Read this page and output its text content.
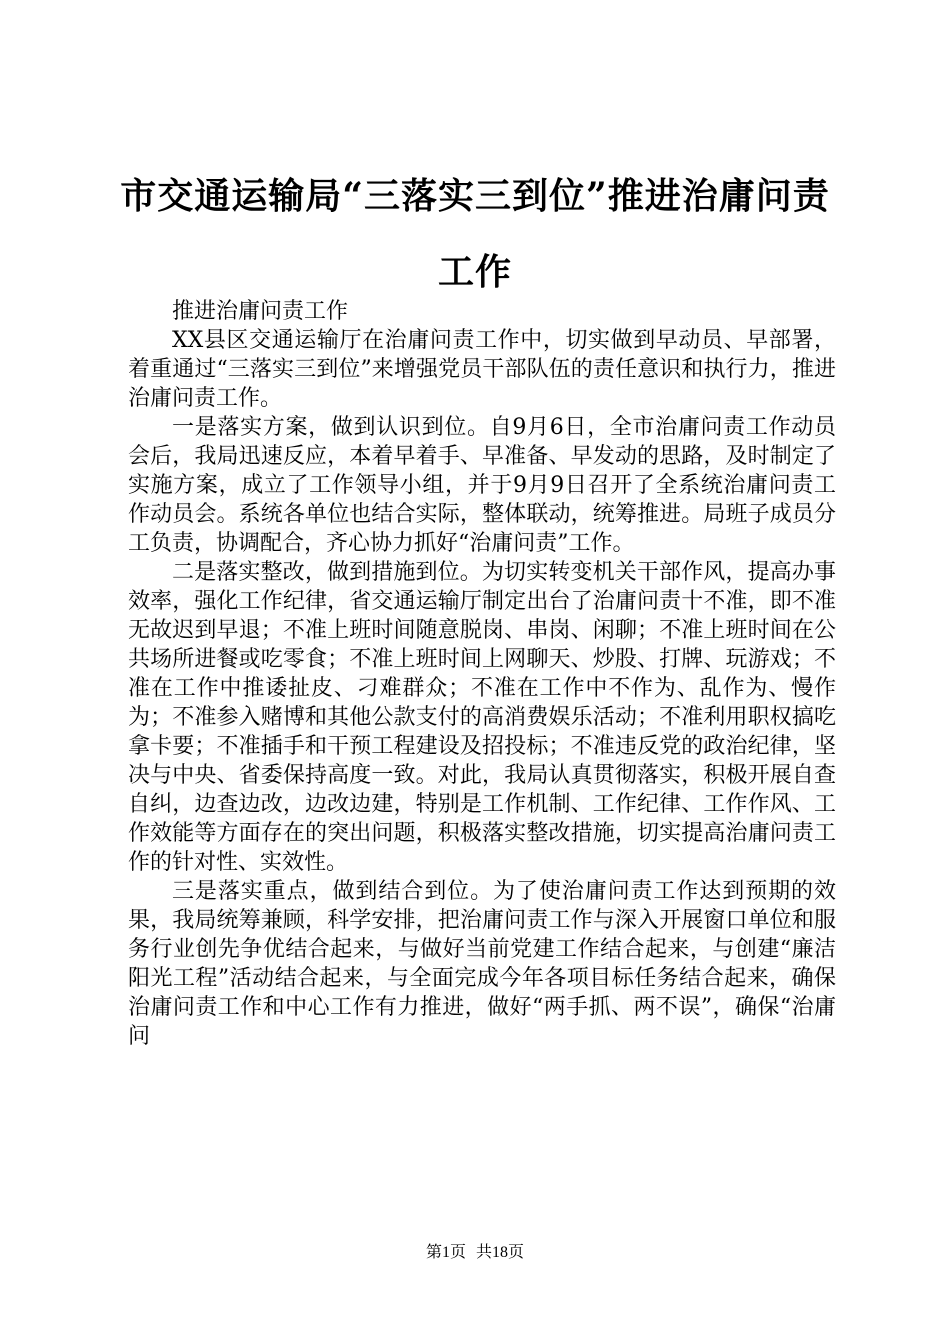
市交通运输局“三落实三到位”推进治庸问责
工作

推进治庸问责工作

XX县区交通运输厅在治庸问责工作中，切实做到早动员、早部署，着重通过“三落实三到位”来增强党员干部队伍的责任意识和执行力，推进治庸问责工作。

一是落实方案，做到认识到位。自9月6日，全市治庸问责工作动员会后，我局迅速反应，本着早着手、早准备、早发动的思路，及时制定了实施方案，成立了工作领导小组，并于9月9日召开了全系统治庸问责工作动员会。系统各单位也结合实际，整体联动，统筹推进。局班子成员分工负责，协调配合，齐心协力抓好“治庸问责”工作。

二是落实整改，做到措施到位。为切实转变机关干部作风，提高办事效率，强化工作纪律，省交通运输厅制定出台了治庸问责十不准，即不准无故迟到早退；不准上班时间随意脱岗、串岗、闲聊；不准上班时间在公共场所进餐或吃零食；不准上班时间上网聊天、炒股、打牌、玩游戏；不准在工作中推诿扯皮、刁难群众；不准在工作中不作为、乱作为、慢作为；不准参入赌博和其他公款支付的高消费娱乐活动；不准利用职权搞吃拿卡要；不准插手和干预工程建设及招投标；不准违反党的政治纪律，坚决与中央、省委保持高度一致。对此，我局认真贯彻落实，积极开展自查自纠，边查边改，边改边建，特别是工作机制、工作纪律、工作作风、工作效能等方面存在的突出问题，积极落实整改措施，切实提高治庸问责工作的针对性、实效性。

三是落实重点，做到结合到位。为了使治庸问责工作达到预期的效果，我局统筹兼顾，科学安排，把治庸问责工作与深入开展窗口单位和服务行业创先争优结合起来，与做好当前党建工作结合起来，与创建“廉洁阳光工程”活动结合起来，与全面完成今年各项目标任务结合起来，确保治庸问责工作和中心工作有力推进，做好“两手抓、两不误”，确保“治庸问

第1页 共18页
